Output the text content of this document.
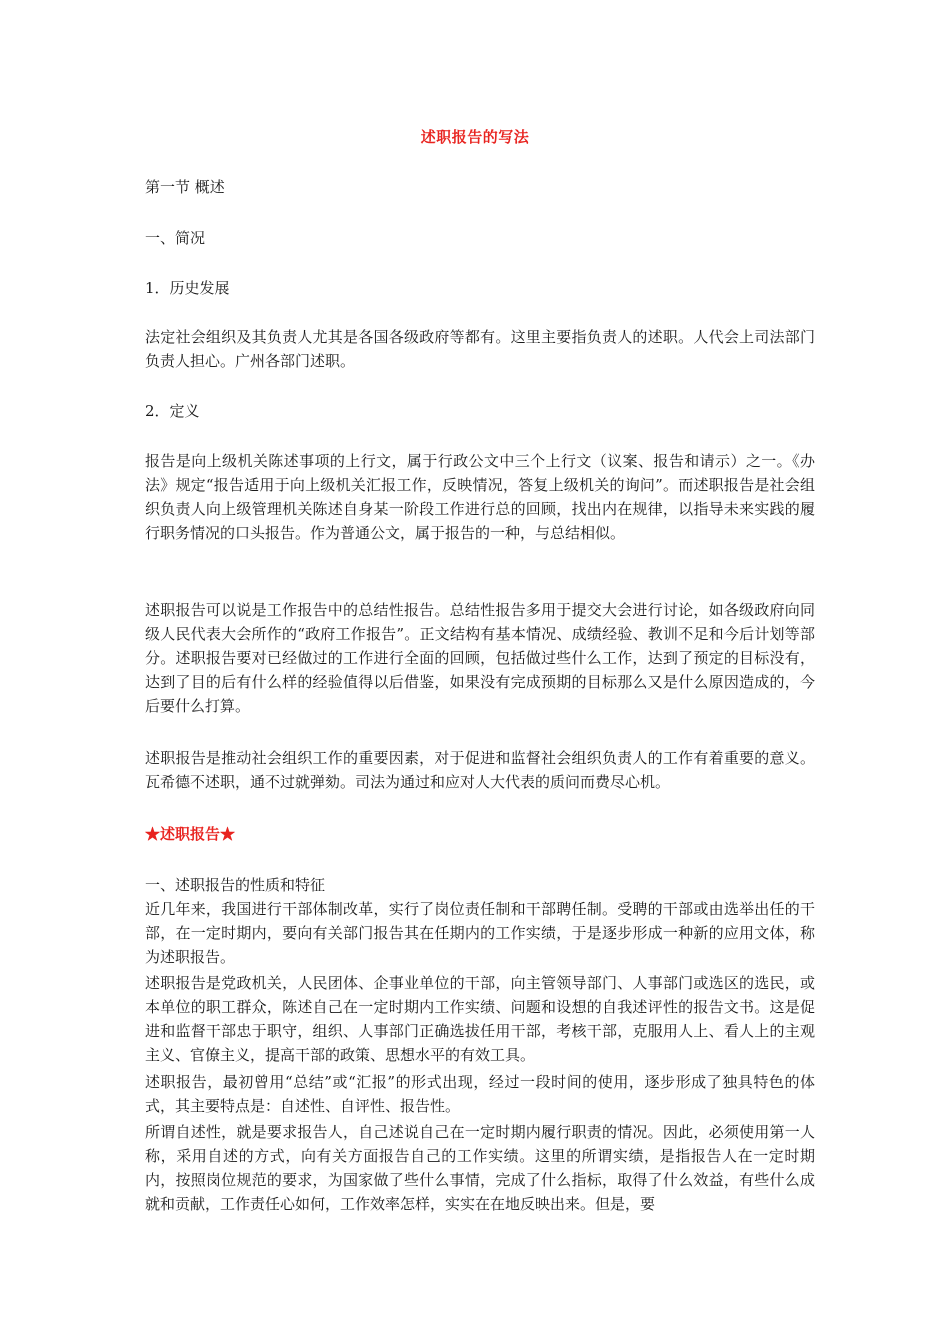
述职报告的写法

第一节 概述

一、简况

1．历史发展

法定社会组织及其负责人尤其是各国各级政府等都有。这里主要指负责人的述职。人代会上司法部门负责人担心。广州各部门述职。

2．定义

报告是向上级机关陈述事项的上行文，属于行政公文中三个上行文（议案、报告和请示）之一。《办法》规定“报告适用于向上级机关汇报工作，反映情况，答复上级机关的询问”。而述职报告是社会组织负责人向上级管理机关陈述自身某一阶段工作进行总的回顾，找出内在规律，以指导未来实践的履行职务情况的口头报告。作为普通公文，属于报告的一种，与总结相似。

述职报告可以说是工作报告中的总结性报告。总结性报告多用于提交大会进行讨论，如各级政府向同级人民代表大会所作的“政府工作报告”。正文结构有基本情况、成绩经验、教训不足和今后计划等部分。述职报告要对已经做过的工作进行全面的回顾，包括做过些什么工作，达到了预定的目标没有，达到了目的后有什么样的经验值得以后借鉴，如果没有完成预期的目标那么又是什么原因造成的，今后要什么打算。

述职报告是推动社会组织工作的重要因素，对于促进和监督社会组织负责人的工作有着重要的意义。瓦希德不述职，通不过就弹劾。司法为通过和应对人大代表的质问而费尽心机。

★述职报告★

一、述职报告的性质和特征

近几年来，我国进行干部体制改革，实行了岗位责任制和干部聘任制。受聘的干部或由选举出任的干部，在一定时期内，要向有关部门报告其在任期内的工作实绩，于是逐步形成一种新的应用文体，称为述职报告。

述职报告是党政机关，人民团体、企事业单位的干部，向主管领导部门、人事部门或选区的选民，或本单位的职工群众，陈述自己在一定时期内工作实绩、问题和设想的自我述评性的报告文书。这是促进和监督干部忠于职守，组织、人事部门正确选拔任用干部，考核干部，克服用人上、看人上的主观主义、官僚主义，提高干部的政策、思想水平的有效工具。

述职报告，最初曾用“总结”或“汇报”的形式出现，经过一段时间的使用，逐步形成了独具特色的体式，其主要特点是：自述性、自评性、报告性。

所谓自述性，就是要求报告人，自己述说自己在一定时期内履行职责的情况。因此，必须使用第一人称，采用自述的方式，向有关方面报告自己的工作实绩。这里的所谓实绩，是指报告人在一定时期内，按照岗位规范的要求，为国家做了些什么事情，完成了什么指标，取得了什么效益，有些什么成就和贡献，工作责任心如何，工作效率怎样，实实在在地反映出来。但是，要
